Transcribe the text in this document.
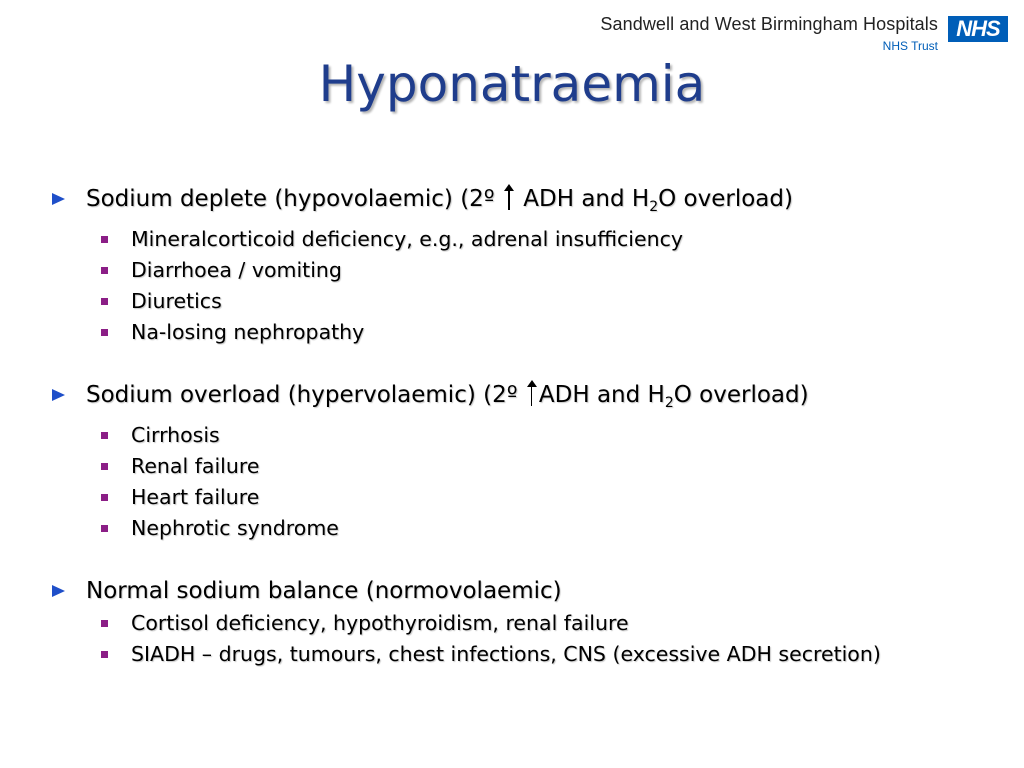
Sandwell and West Birmingham Hospitals
NHS Trust
NHS
Hyponatraemia
Sodium deplete (hypovolaemic) (2º ADH and $H_2O$ overload)
Mineralcorticoid deficiency, e.g., adrenal insufficiency
Diarrhoea / vomiting
Diuretics
Na-losing nephropathy
Sodium overload (hypervolaemic) (2º ADH and $H_2O$ overload)
Cirrhosis
Renal failure
Heart failure
Nephrotic syndrome
Normal sodium balance (normovolaemic)
Cortisol deficiency, hypothyroidism, renal failure
SIADH – drugs, tumours, chest infections, CNS (excessive ADH secretion)
